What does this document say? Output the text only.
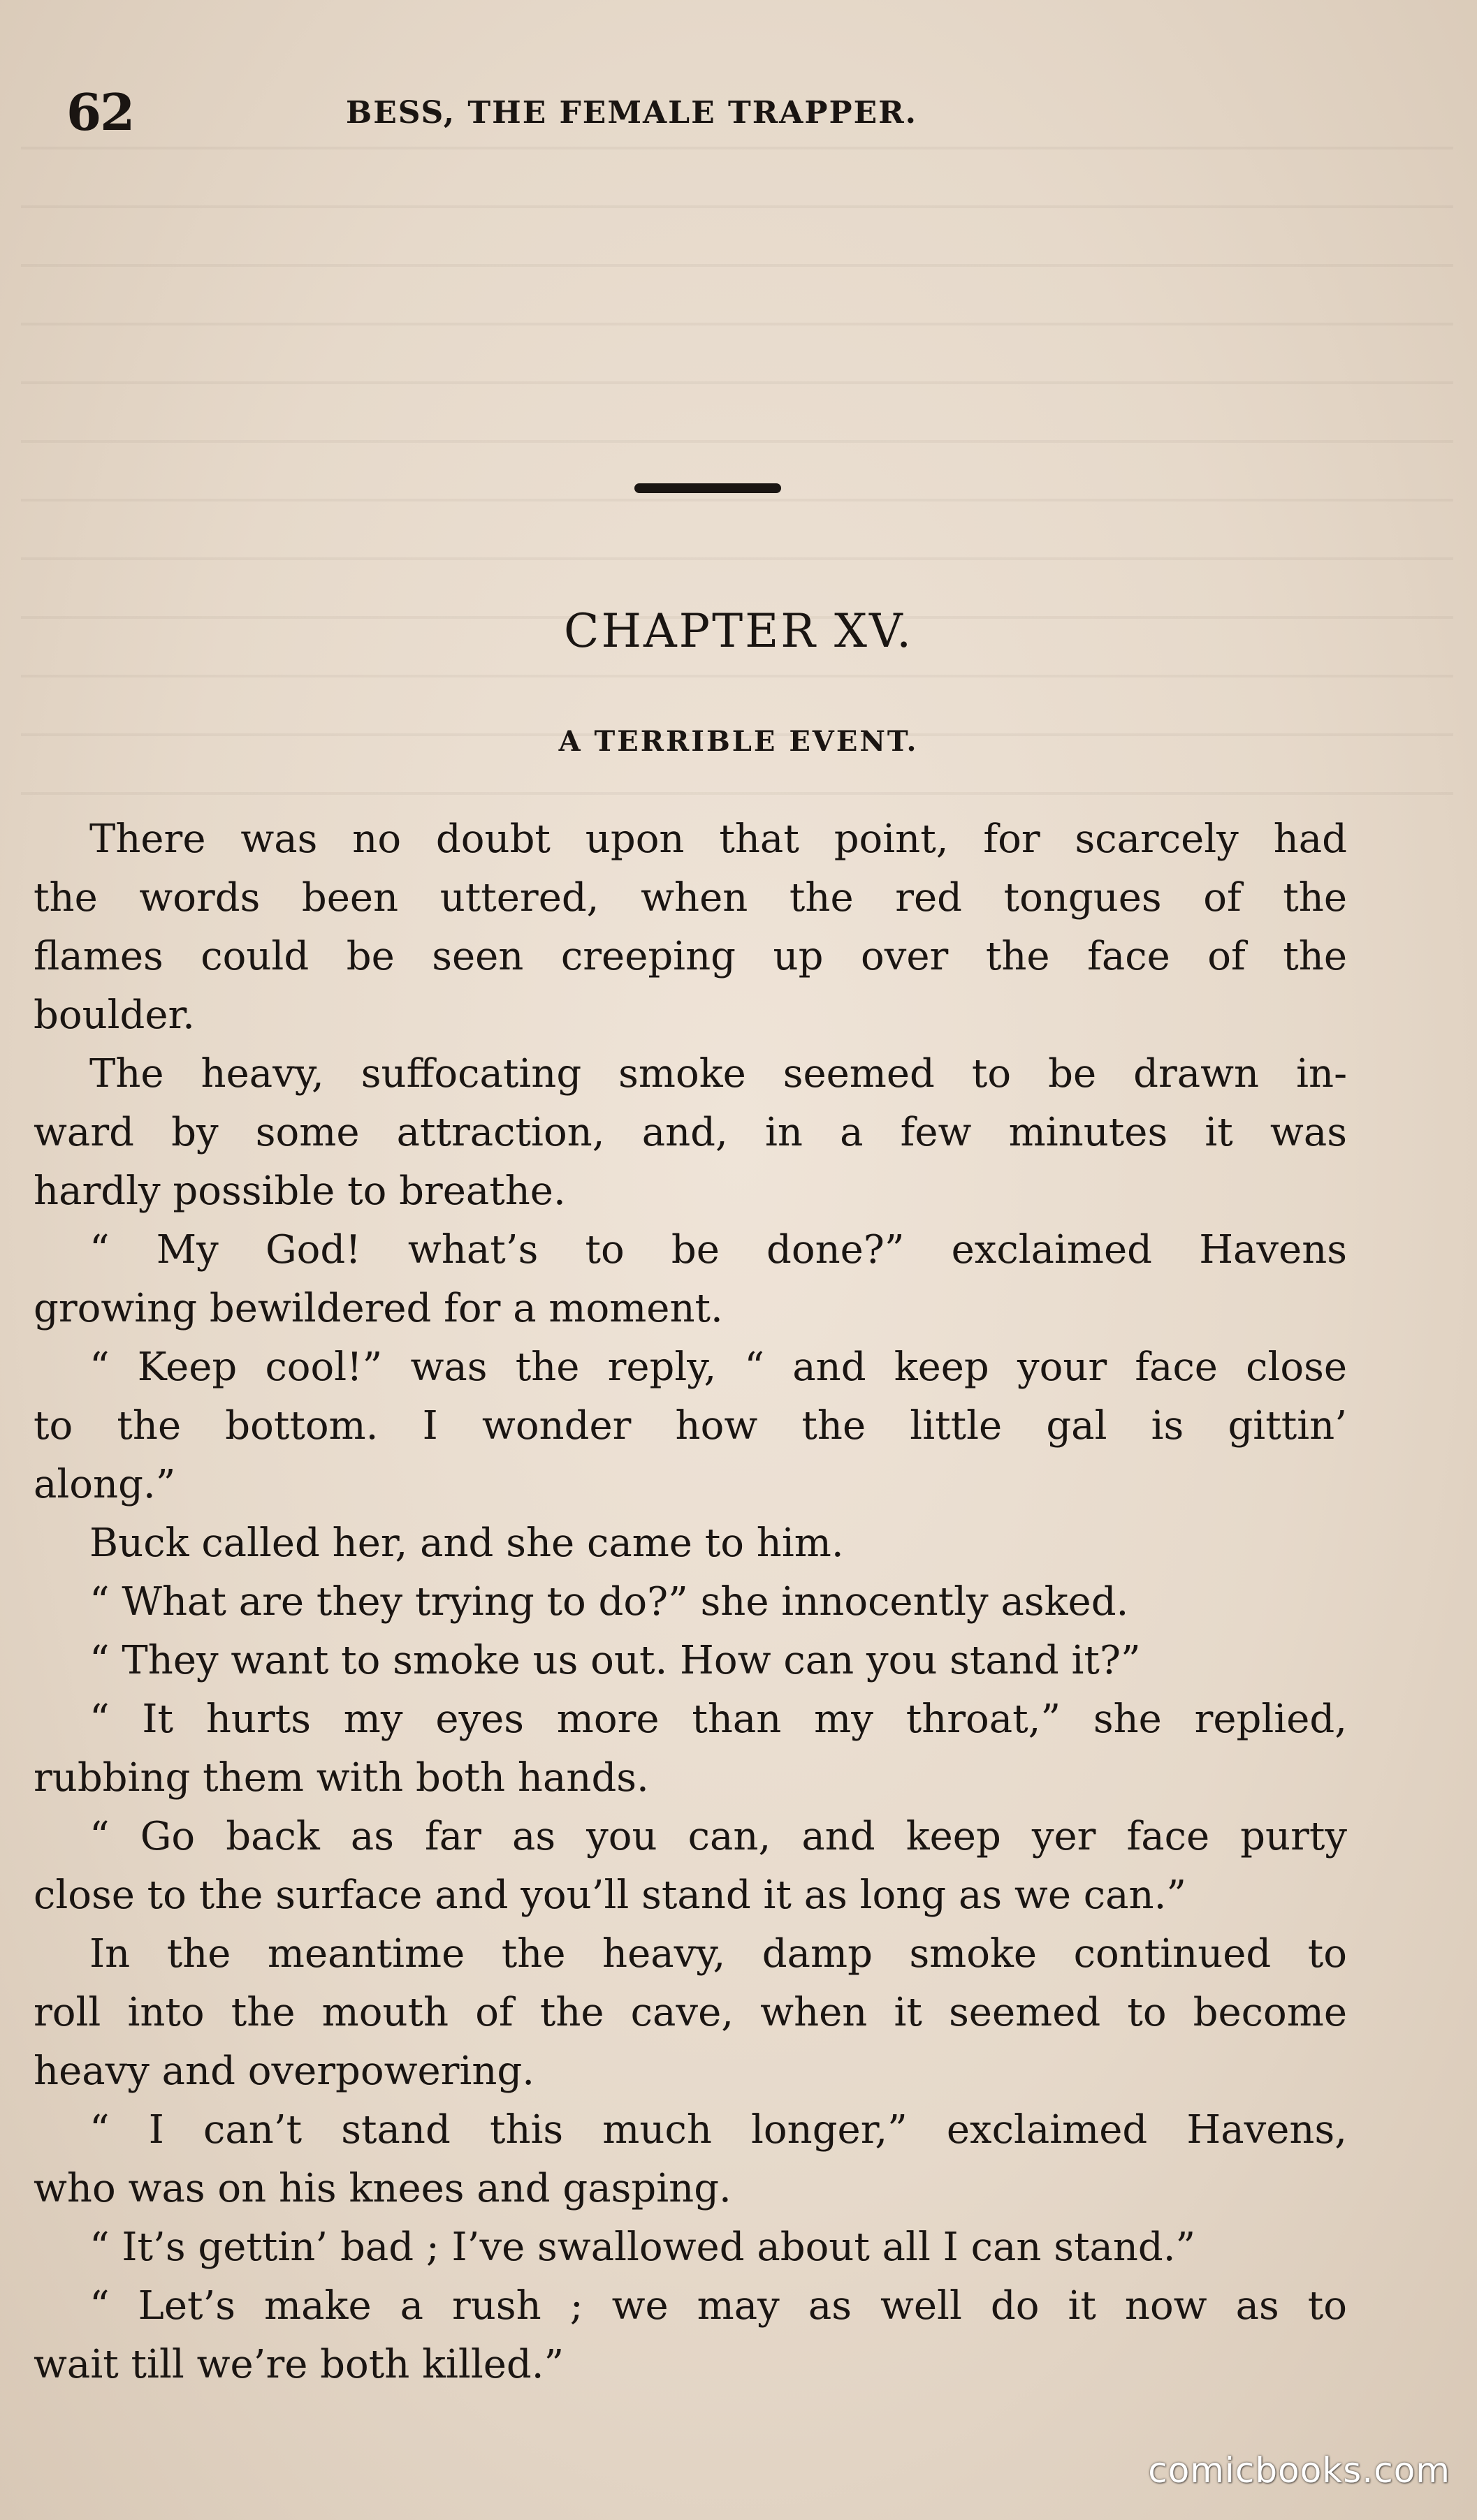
62	BESS, THE FEMALE TRAPPER.
CHAPTER XV.
A TERRIBLE EVENT.
There was no doubt upon that point, for scarcely had
the words been uttered, when the red tongues of the
flames could be seen creeping up over the face of the
boulder.
The heavy, suffocating smoke seemed to be drawn in-
ward by some attraction, and, in a few minutes it was
hardly possible to breathe.
“ My God! what’s to be done?” exclaimed Havens
growing bewildered for a moment.
“ Keep cool!” was the reply, “ and keep your face close
to the bottom. I wonder how the little gal is gittin’
along.”
Buck called her, and she came to him.
“ What are they trying to do?” she innocently asked.
“ They want to smoke us out. How can you stand it?”
“ It hurts my eyes more than my throat,” she replied,
rubbing them with both hands.
“ Go back as far as you can, and keep yer face purty
close to the surface and you’ll stand it as long as we can.”
In the meantime the heavy, damp smoke continued to
roll into the mouth of the cave, when it seemed to become
heavy and overpowering.
“ I can’t stand this much longer,” exclaimed Havens,
who was on his knees and gasping.
“ It’s gettin’ bad ; I’ve swallowed about all I can stand.”
“ Let’s make a rush ; we may as well do it now as to
wait till we’re both killed.”
comicbooks.com
